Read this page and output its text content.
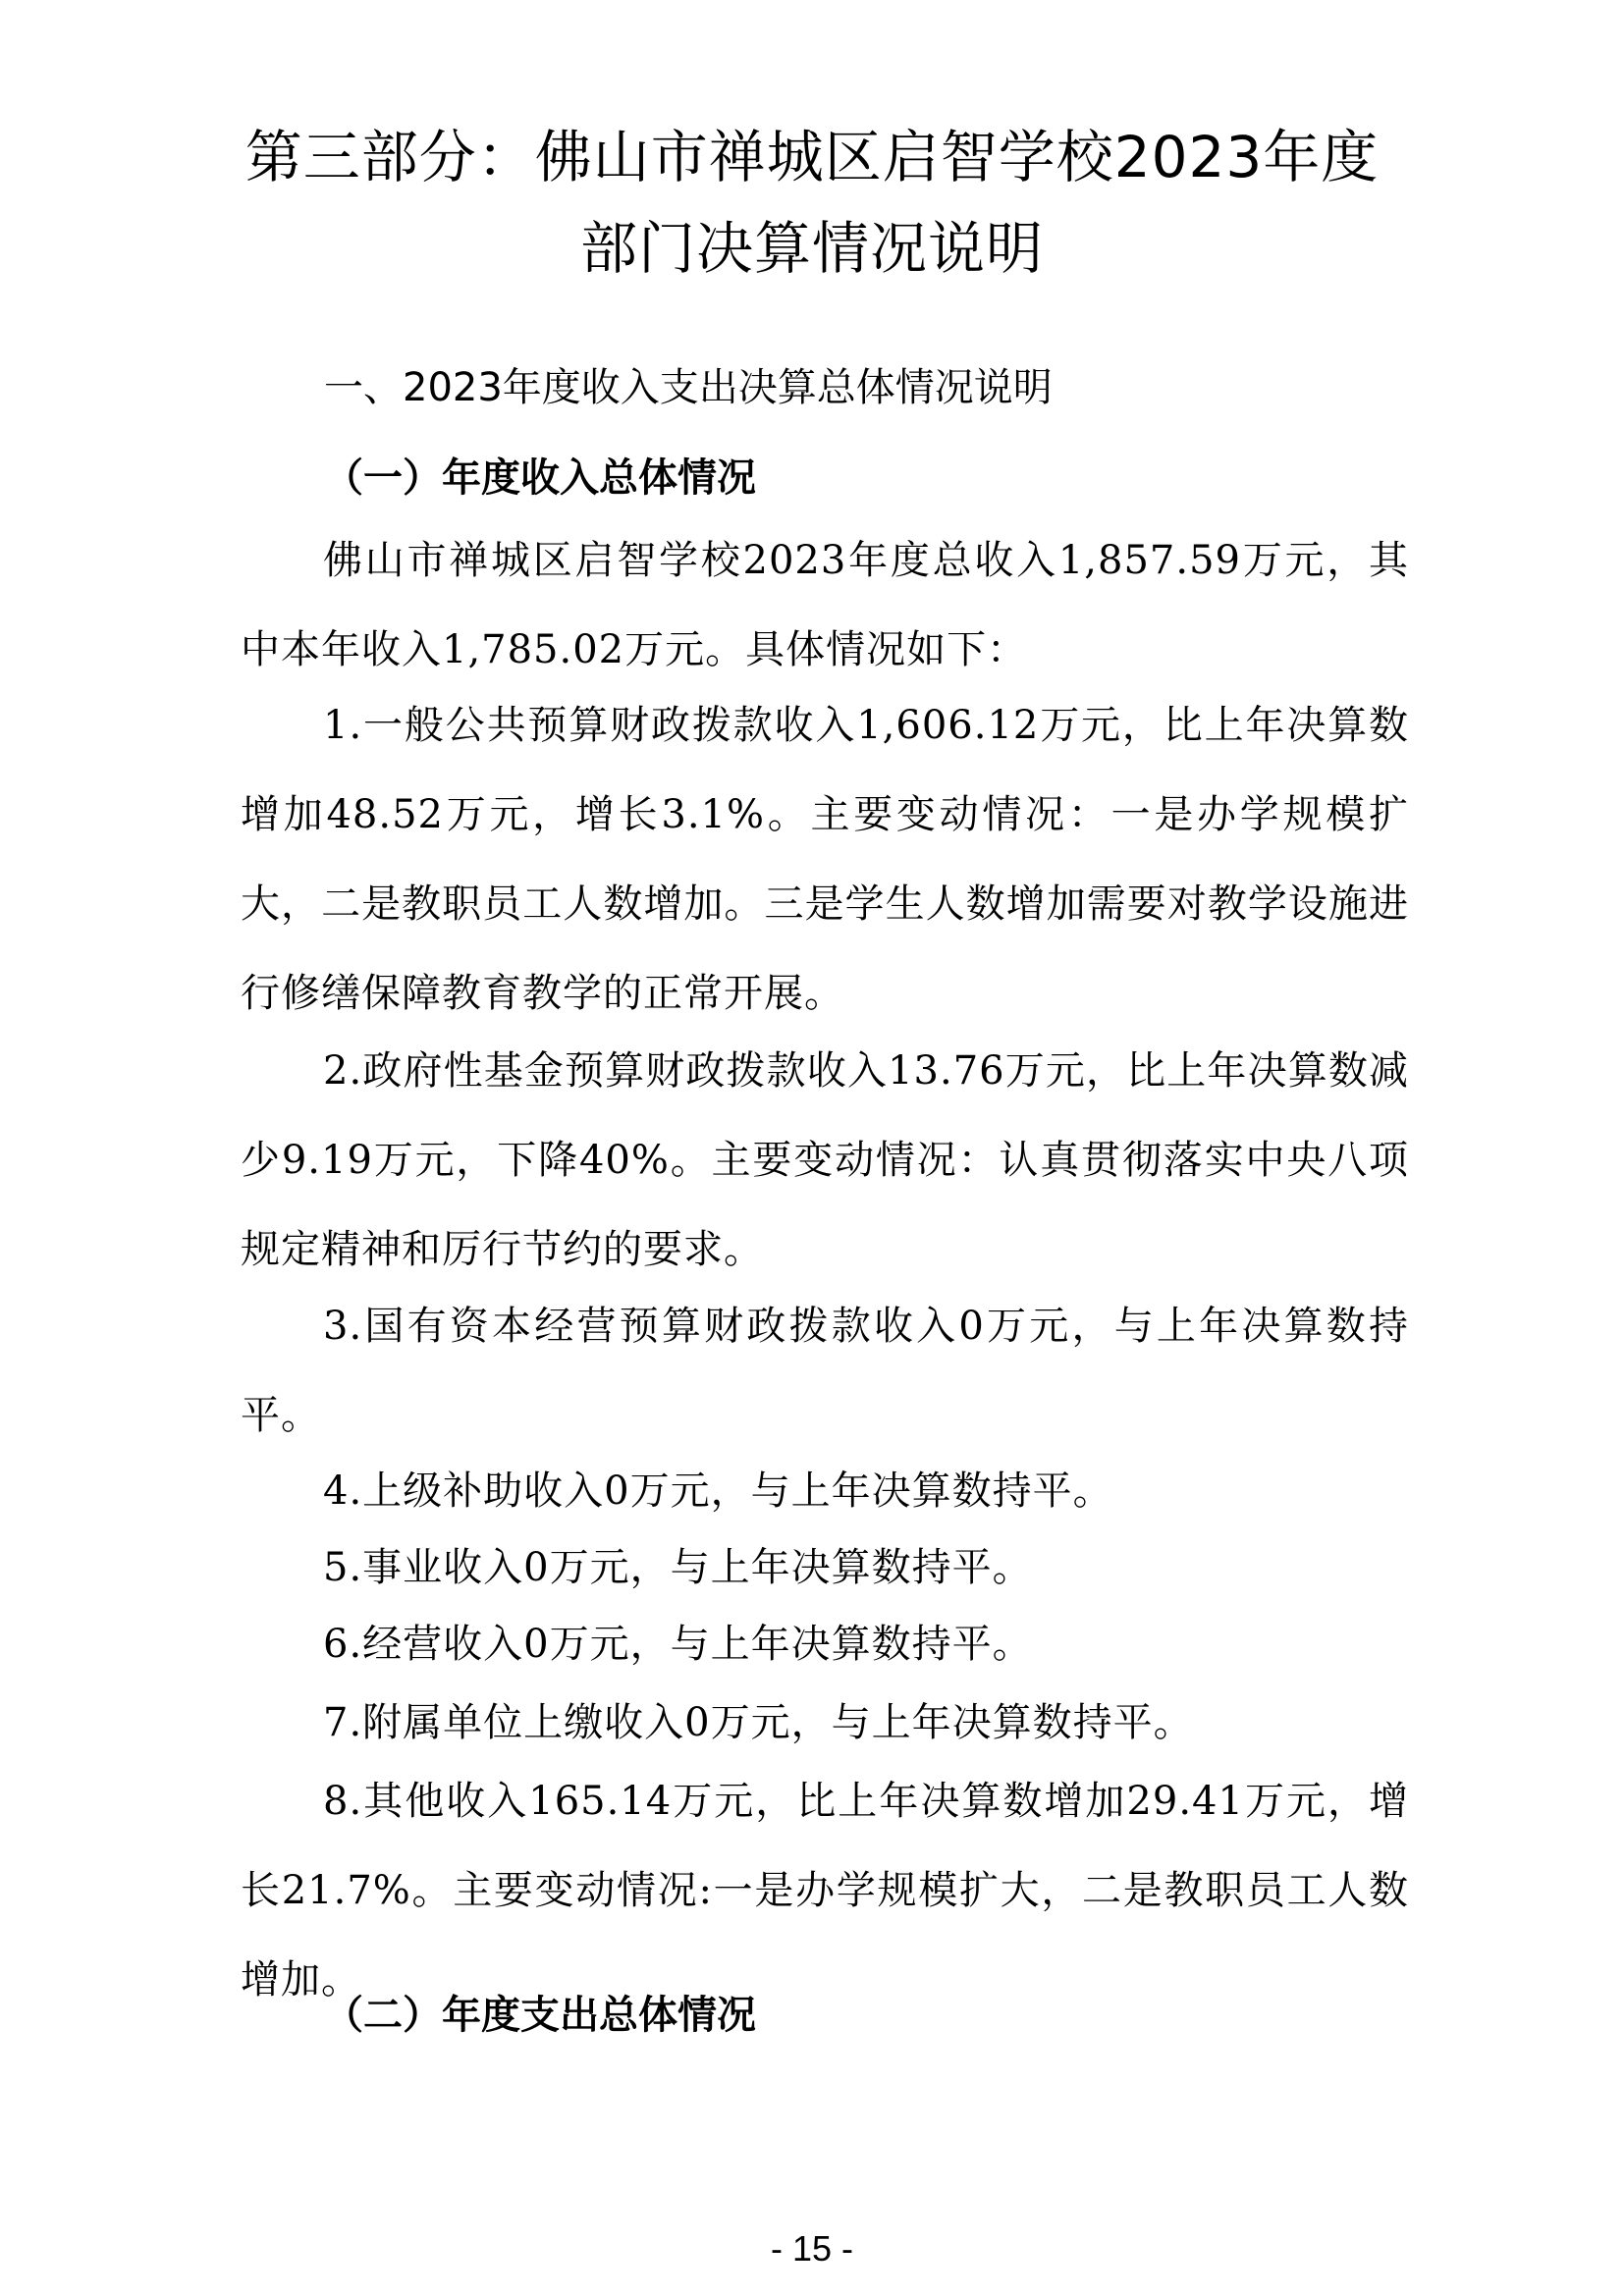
第三部分：佛山市禅城区启智学校2023年度
部门决算情况说明
一、2023年度收入支出决算总体情况说明
（一）年度收入总体情况

佛山市禅城区启智学校2023年度总收入1,857.59万元，其中本年收入1,785.02万元。具体情况如下：

1.一般公共预算财政拨款收入1,606.12万元，比上年决算数增加48.52万元，增长3.1%。主要变动情况：一是办学规模扩大，二是教职员工人数增加。三是学生人数增加需要对教学设施进行修缮保障教育教学的正常开展。

2.政府性基金预算财政拨款收入13.76万元，比上年决算数减少9.19万元，下降40%。主要变动情况：认真贯彻落实中央八项规定精神和厉行节约的要求。

3.国有资本经营预算财政拨款收入0万元，与上年决算数持平。

4.上级补助收入0万元，与上年决算数持平。

5.事业收入0万元，与上年决算数持平。

6.经营收入0万元，与上年决算数持平。

7.附属单位上缴收入0万元，与上年决算数持平。

8.其他收入165.14万元，比上年决算数增加29.41万元，增长21.7%。主要变动情况:一是办学规模扩大，二是教职员工人数增加。

（二）年度支出总体情况
- 15 -
